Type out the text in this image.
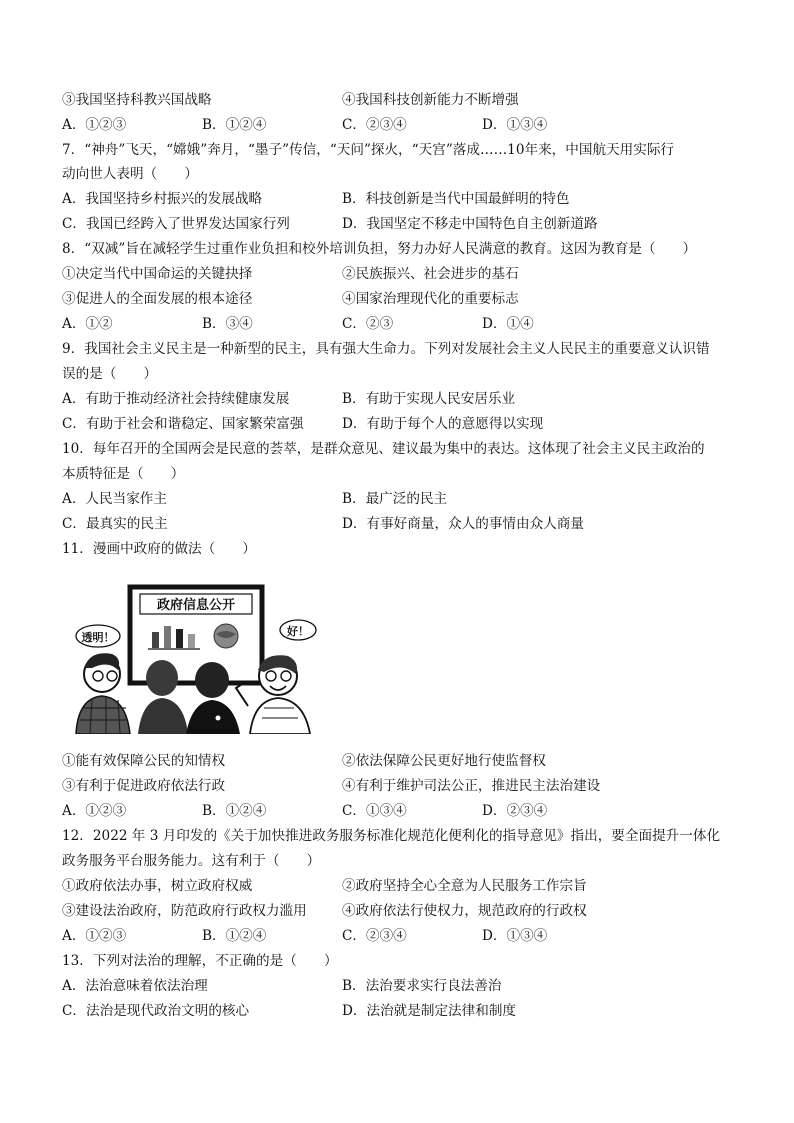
③我国坚持科教兴国战略	④我国科技创新能力不断增强
A．①②③	B．①②④	C．②③④	D．①③④
7．“神舟”飞天，“嫦娥”奔月，“墨子”传信，“天问”探火，“天宫”落成……10年来，中国航天用实际行
动向世人表明（　　）
A．我国坚持乡村振兴的发展战略	B．科技创新是当代中国最鲜明的特色
C．我国已经跨入了世界发达国家行列	D．我国坚定不移走中国特色自主创新道路
8．“双减”旨在减轻学生过重作业负担和校外培训负担，努力办好人民满意的教育。这因为教育是（　　）
①决定当代中国命运的关键抉择	②民族振兴、社会进步的基石
③促进人的全面发展的根本途径	④国家治理现代化的重要标志
A．①②	B．③④	C．②③	D．①④
9．我国社会主义民主是一种新型的民主，具有强大生命力。下列对发展社会主义人民民主的重要意义认识错
误的是（　　）
A．有助于推动经济社会持续健康发展	B．有助于实现人民安居乐业
C．有助于社会和谐稳定、国家繁荣富强	D．有助于每个人的意愿得以实现
10．每年召开的全国两会是民意的荟萃，是群众意见、建议最为集中的表达。这体现了社会主义民主政治的
本质特征是（　　）
A．人民当家作主	B．最广泛的民主
C．最真实的民主	D．有事好商量，众人的事情由众人商量
11．漫画中政府的做法（　　）
政府信息公开
透明！	好！
①能有效保障公民的知情权	②依法保障公民更好地行使监督权
③有利于促进政府依法行政	④有利于维护司法公正，推进民主法治建设
A．①②③	B．①②④	C．①③④	D．②③④
12．2022 年 3 月印发的《关于加快推进政务服务标准化规范化便利化的指导意见》指出，要全面提升一体化
政务服务平台服务能力。这有利于（　　）
①政府依法办事，树立政府权威	②政府坚持全心全意为人民服务工作宗旨
③建设法治政府，防范政府行政权力滥用	④政府依法行使权力，规范政府的行政权
A．①②③	B．①②④	C．②③④	D．①③④
13．下列对法治的理解，不正确的是（　　）
A．法治意味着依法治理	B．法治要求实行良法善治
C．法治是现代政治文明的核心	D．法治就是制定法律和制度
